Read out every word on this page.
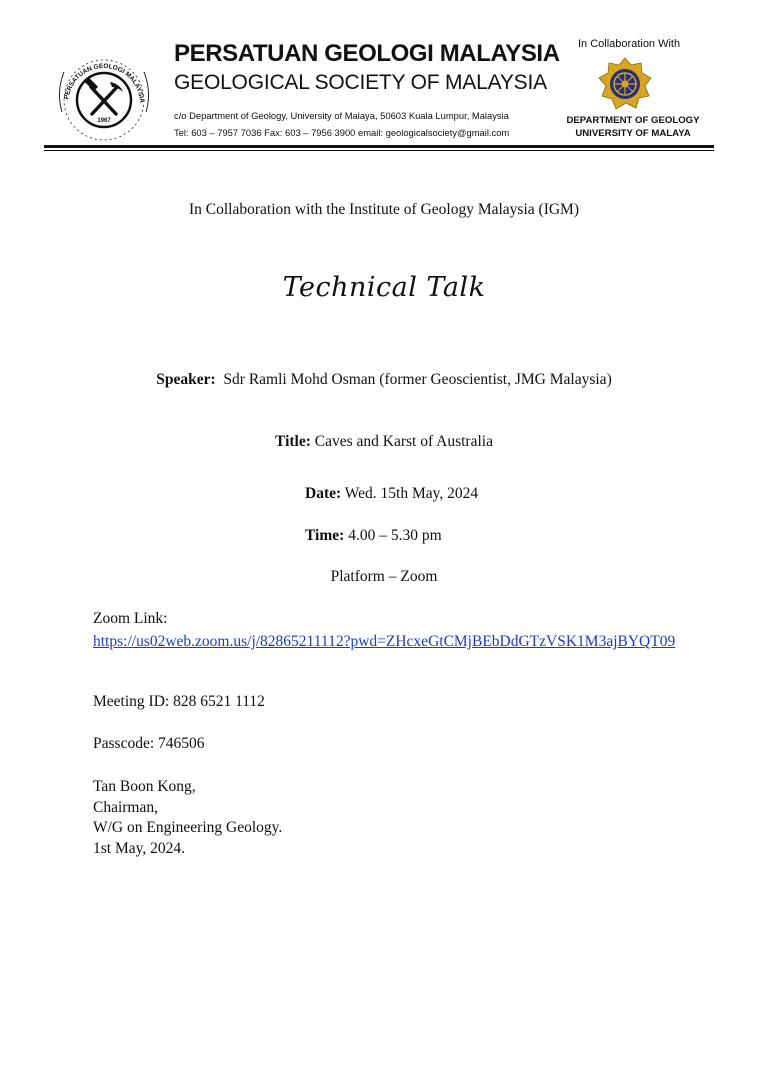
PERSATUAN GEOLOGI MALAYSIA
1967
PERSATUAN GEOLOGI MALAYSIA
GEOLOGICAL SOCIETY OF MALAYSIA
c/o Department of Geology, University of Malaya, 50603 Kuala Lumpur, Malaysia
Tel: 603 – 7957 7036 Fax: 603 – 7956 3900 email: geologicalsociety@gmail.com
In Collaboration With
DEPARTMENT OF GEOLOGY
UNIVERSITY OF MALAYA
In Collaboration with the Institute of Geology Malaysia (IGM)
Technical Talk
Speaker: Sdr Ramli Mohd Osman (former Geoscientist, JMG Malaysia)
Title: Caves and Karst of Australia
Date: Wed. 15th May, 2024
Time: 4.00 – 5.30 pm
Platform – Zoom
Zoom Link:
https://us02web.zoom.us/j/82865211112?pwd=ZHcxeGtCMjBEbDdGTzVSK1M3ajBYQT09
Meeting ID: 828 6521 1112
Passcode: 746506
Tan Boon Kong,
Chairman,
W/G on Engineering Geology.
1st May, 2024.
